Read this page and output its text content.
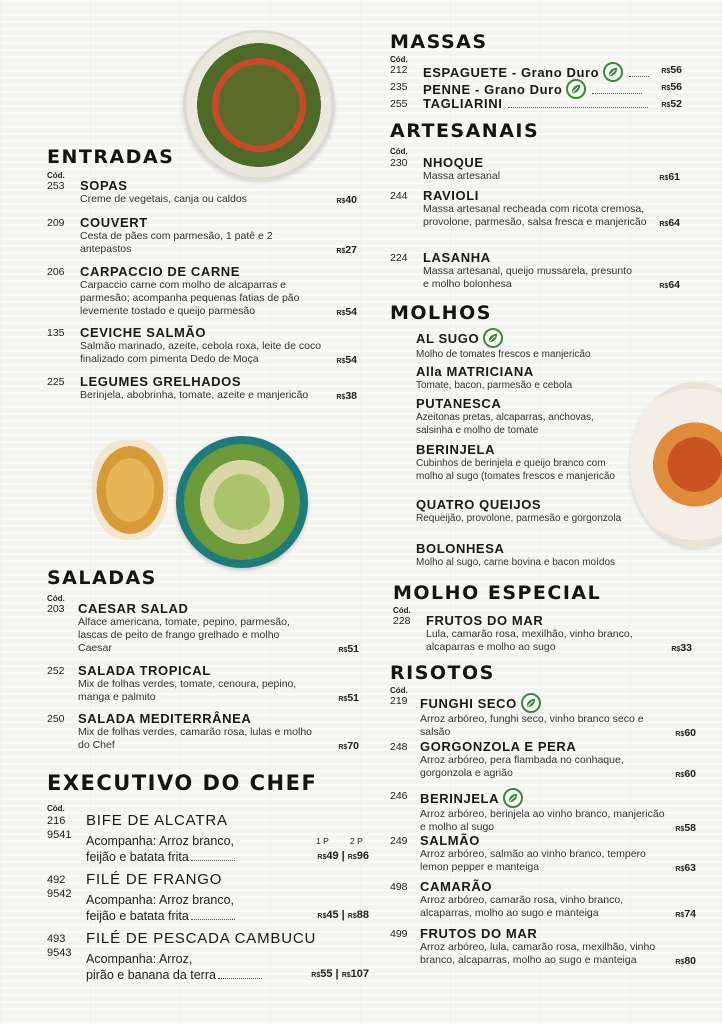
ENTRADAS
Cód.
253 SOPAS
Creme de vegetais, canja ou caldos	R$40
209 COUVERT
Cesta de pães com parmesão, 1 patê e 2 antepastos	R$27
206 CARPACCIO DE CARNE
Carpaccio carne com molho de alcaparras e parmesão; acompanha pequenas fatias de pão levemente tostado e queijo parmesão	R$54
135 CEVICHE SALMÃO
Salmão marinado, azeite, cebola roxa, leite de coco finalizado com pimenta Dedo de Moça	R$54
225 LEGUMES GRELHADOS
Berinjela, abobrinha, tomate, azeite e manjericão	R$38
SALADAS
Cód.
203 CAESAR SALAD
Alface americana, tomate, pepino, parmesão, lascas de peito de frango grelhado e molho Caesar	R$51
252 SALADA TROPICAL
Mix de folhas verdes, tomate, cenoura, pepino, manga e palmito	R$51
250 SALADA MEDITERRÂNEA
Mix de folhas verdes, camarão rosa, lulas e molho do Chef	R$70
EXECUTIVO DO CHEF
Cód.
1 P 2 P
216
9541
BIFE DE ALCATRA
Acompanha: Arroz branco,
feijão e batata frita	R$49 | R$96
492
9542
FILÉ DE FRANGO
Acompanha: Arroz branco,
feijão e batata frita	R$45 | R$88
493
9543
FILÉ DE PESCADA CAMBUCU
Acompanha: Arroz,
pirão e banana da terra	R$55 | R$107
MASSAS
Cód.
212 ESPAGUETE - Grano Duro	R$56
235 PENNE - Grano Duro	R$56
255 TAGLIARINI	R$52
ARTESANAIS
Cód.
230 NHOQUE
Massa artesanal	R$61
244 RAVIOLI
Massa artesanal recheada com ricota cremosa, provolone, parmesão, salsa fresca e manjericão R$64
224 LASANHA
Massa artesanal, queijo mussarela, presunto e molho bolonhesa	R$64
MOLHOS
AL SUGO
Molho de tomates frescos e manjericão
Alla MATRICIANA
Tomate, bacon, parmesão e cebola
PUTANESCA
Azeitonas pretas, alcaparras, anchovas, salsinha e molho de tomate
BERINJELA
Cubinhos de berinjela e queijo branco com molho al sugo (tomates frescos e manjericão
QUATRO QUEIJOS
Requeijão, provolone, parmesão e gorgonzola
BOLONHESA
Molho al sugo, carne bovina e bacon moídos
MOLHO ESPECIAL
Cód.
228 FRUTOS DO MAR
Lula, camarão rosa, mexilhão, vinho branco, alcaparras e molho ao sugo	R$33
RISOTOS
Cód.
219 FUNGHI SECO
Arroz arbóreo, funghi seco, vinho branco seco e salsão	R$60
248 GORGONZOLA E PERA
Arroz arbóreo, pera flambada no conhaque, gorgonzola e agrião	R$60
246 BERINJELA
Arroz arbóreo, berinjela ao vinho branco, manjericão e molho al sugo	R$58
249 SALMÃO
Arroz arbóreo, salmão ao vinho branco, tempero lemon pepper e manteiga	R$63
498 CAMARÃO
Arroz arbóreo, camarão rosa, vinho branco, alcaparras, molho ao sugo e manteiga	R$74
499 FRUTOS DO MAR
Arroz arbóreo, lula, camarão rosa, mexilhão, vinho branco, alcaparras, molho ao sugo e manteiga	R$80
